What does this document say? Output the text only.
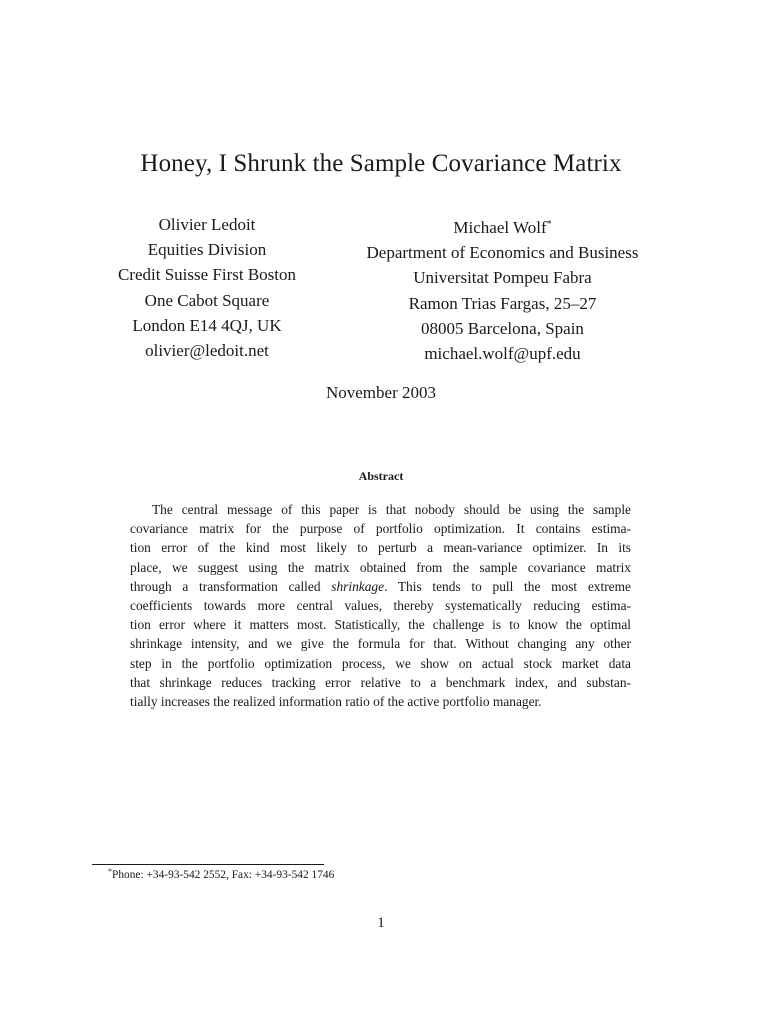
Honey, I Shrunk the Sample Covariance Matrix
Olivier Ledoit
Equities Division
Credit Suisse First Boston
One Cabot Square
London E14 4QJ, UK
olivier@ledoit.net
Michael Wolf*
Department of Economics and Business
Universitat Pompeu Fabra
Ramon Trias Fargas, 25–27
08005 Barcelona, Spain
michael.wolf@upf.edu
November 2003
Abstract
The central message of this paper is that nobody should be using the sample
covariance matrix for the purpose of portfolio optimization. It contains estima-
tion error of the kind most likely to perturb a mean-variance optimizer. In its
place, we suggest using the matrix obtained from the sample covariance matrix
through a transformation called shrinkage. This tends to pull the most extreme
coefficients towards more central values, thereby systematically reducing estima-
tion error where it matters most. Statistically, the challenge is to know the optimal
shrinkage intensity, and we give the formula for that. Without changing any other
step in the portfolio optimization process, we show on actual stock market data
that shrinkage reduces tracking error relative to a benchmark index, and substan-
tially increases the realized information ratio of the active portfolio manager.
*Phone: +34-93-542 2552, Fax: +34-93-542 1746
1
